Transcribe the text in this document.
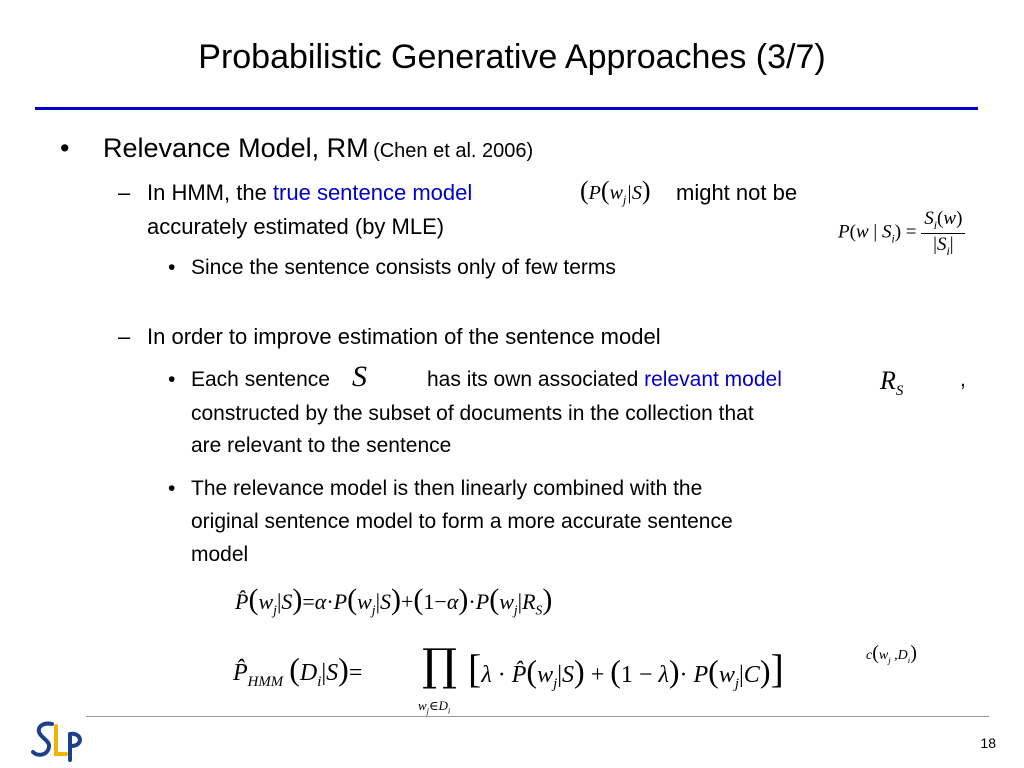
Probabilistic Generative Approaches (3/7)
• Relevance Model, RM (Chen et al. 2006)
– In HMM, the true sentence model	($P(w_j|S)$ might not be
accurately estimated (by MLE)	P(w | $S_i) = \frac{S_i(w)}{|S_i|}$
• Since the sentence consists only of few terms
– In order to improve estimation of the sentence model
• Each sentence S	has its own associated relevant model	$R_S$
,
constructed by the subset of documents in the collection that
are relevant to the sentence
• The relevance model is then linearly combined with the
original sentence model to form a more accurate sentence
model
$P̂(w_j|S)=\alpha\cdot P(w_j|S)+(1-\alpha)\cdot P(w_j|R_S)$
$P̂_{HMM}$ $(D_i|S)=$ ∏
$w_j\in D_i$
$[\lambda \cdot P̂(w_j|S) + (1 - \lambda)\cdot P(w_j|C)]$	$c(w_j$ $,D_i$)
18
